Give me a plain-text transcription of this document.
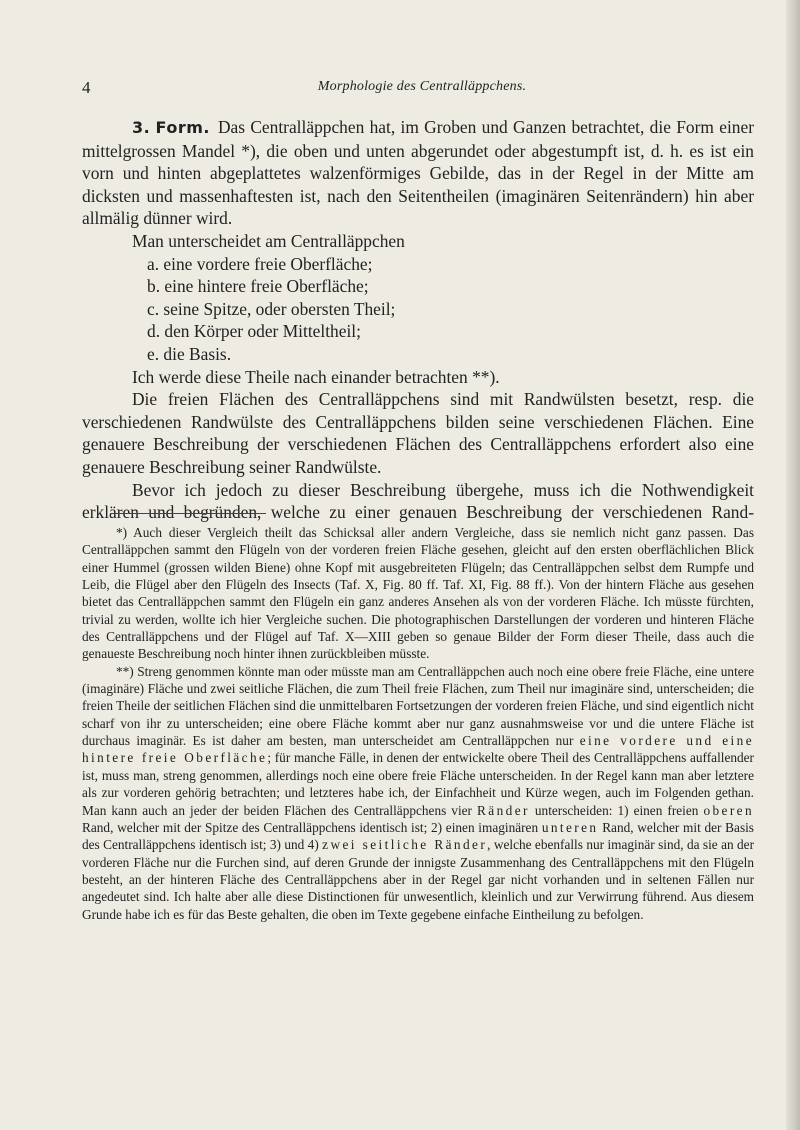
4	Morphologie des Centralläppchens.

3. Form. Das Centralläppchen hat, im Groben und Ganzen betrachtet, die Form einer mittelgrossen Mandel *), die oben und unten abgerundet oder abgestumpft ist, d. h. es ist ein vorn und hinten abgeplattetes walzenförmiges Gebilde, das in der Regel in der Mitte am dicksten und massenhaftesten ist, nach den Seitentheilen (imaginären Seitenrändern) hin aber allmälig dünner wird.

Man unterscheidet am Centralläppchen

a. eine vordere freie Oberfläche;
b. eine hintere freie Oberfläche;
c. seine Spitze, oder obersten Theil;
d. den Körper oder Mitteltheil;
e. die Basis.

Ich werde diese Theile nach einander betrachten **).

Die freien Flächen des Centralläppchens sind mit Randwülsten besetzt, resp. die verschiedenen Randwülste des Centralläppchens bilden seine verschiedenen Flächen. Eine genauere Beschreibung der verschiedenen Flächen des Centralläppchens erfordert also eine genauere Beschreibung seiner Randwülste.

Bevor ich jedoch zu dieser Beschreibung übergehe, muss ich die Nothwendigkeit erklären und begründen, welche zu einer genauen Beschreibung der verschiedenen Rand-

*) Auch dieser Vergleich theilt das Schicksal aller andern Vergleiche, dass sie nemlich nicht ganz passen. Das Centralläppchen sammt den Flügeln von der vorderen freien Fläche gesehen, gleicht auf den ersten oberflächlichen Blick einer Hummel (grossen wilden Biene) ohne Kopf mit ausgebreiteten Flügeln; das Centralläppchen selbst dem Rumpfe und Leib, die Flügel aber den Flügeln des Insects (Taf. X, Fig. 80 ff. Taf. XI, Fig. 88 ff.). Von der hintern Fläche aus gesehen bietet das Centralläppchen sammt den Flügeln ein ganz anderes Ansehen als von der vorderen Fläche. Ich müsste fürchten, trivial zu werden, wollte ich hier Vergleiche suchen. Die photographischen Darstellungen der vorderen und hinteren Fläche des Centralläppchens und der Flügel auf Taf. X—XIII geben so genaue Bilder der Form dieser Theile, dass auch die genaueste Beschreibung noch hinter ihnen zurückbleiben müsste.

**) Streng genommen könnte man oder müsste man am Centralläppchen auch noch eine obere freie Fläche, eine untere (imaginäre) Fläche und zwei seitliche Flächen, die zum Theil freie Flächen, zum Theil nur imaginäre sind, unterscheiden; die freien Theile der seitlichen Flächen sind die unmittelbaren Fortsetzungen der vorderen freien Fläche, und sind eigentlich nicht scharf von ihr zu unterscheiden; eine obere Fläche kommt aber nur ganz ausnahmsweise vor und die untere Fläche ist durchaus imaginär. Es ist daher am besten, man unterscheidet am Centralläppchen nur eine vordere und eine hintere freie Oberfläche; für manche Fälle, in denen der entwickelte obere Theil des Centralläppchens auffallender ist, muss man, streng genommen, allerdings noch eine obere freie Fläche unterscheiden. In der Regel kann man aber letztere als zur vorderen gehörig betrachten; und letzteres habe ich, der Einfachheit und Kürze wegen, auch im Folgenden gethan. Man kann auch an jeder der beiden Flächen des Centralläppchens vier Ränder unterscheiden: 1) einen freien oberen Rand, welcher mit der Spitze des Centralläppchens identisch ist; 2) einen imaginären unteren Rand, welcher mit der Basis des Centralläppchens identisch ist; 3) und 4) zwei seitliche Ränder, welche ebenfalls nur imaginär sind, da sie an der vorderen Fläche nur die Furchen sind, auf deren Grunde der innigste Zusammenhang des Centralläppchens mit den Flügeln besteht, an der hinteren Fläche des Centralläppchens aber in der Regel gar nicht vorhanden und in seltenen Fällen nur angedeutet sind. Ich halte aber alle diese Distinctionen für unwesentlich, kleinlich und zur Verwirrung führend. Aus diesem Grunde habe ich es für das Beste gehalten, die oben im Texte gegebene einfache Eintheilung zu befolgen.
